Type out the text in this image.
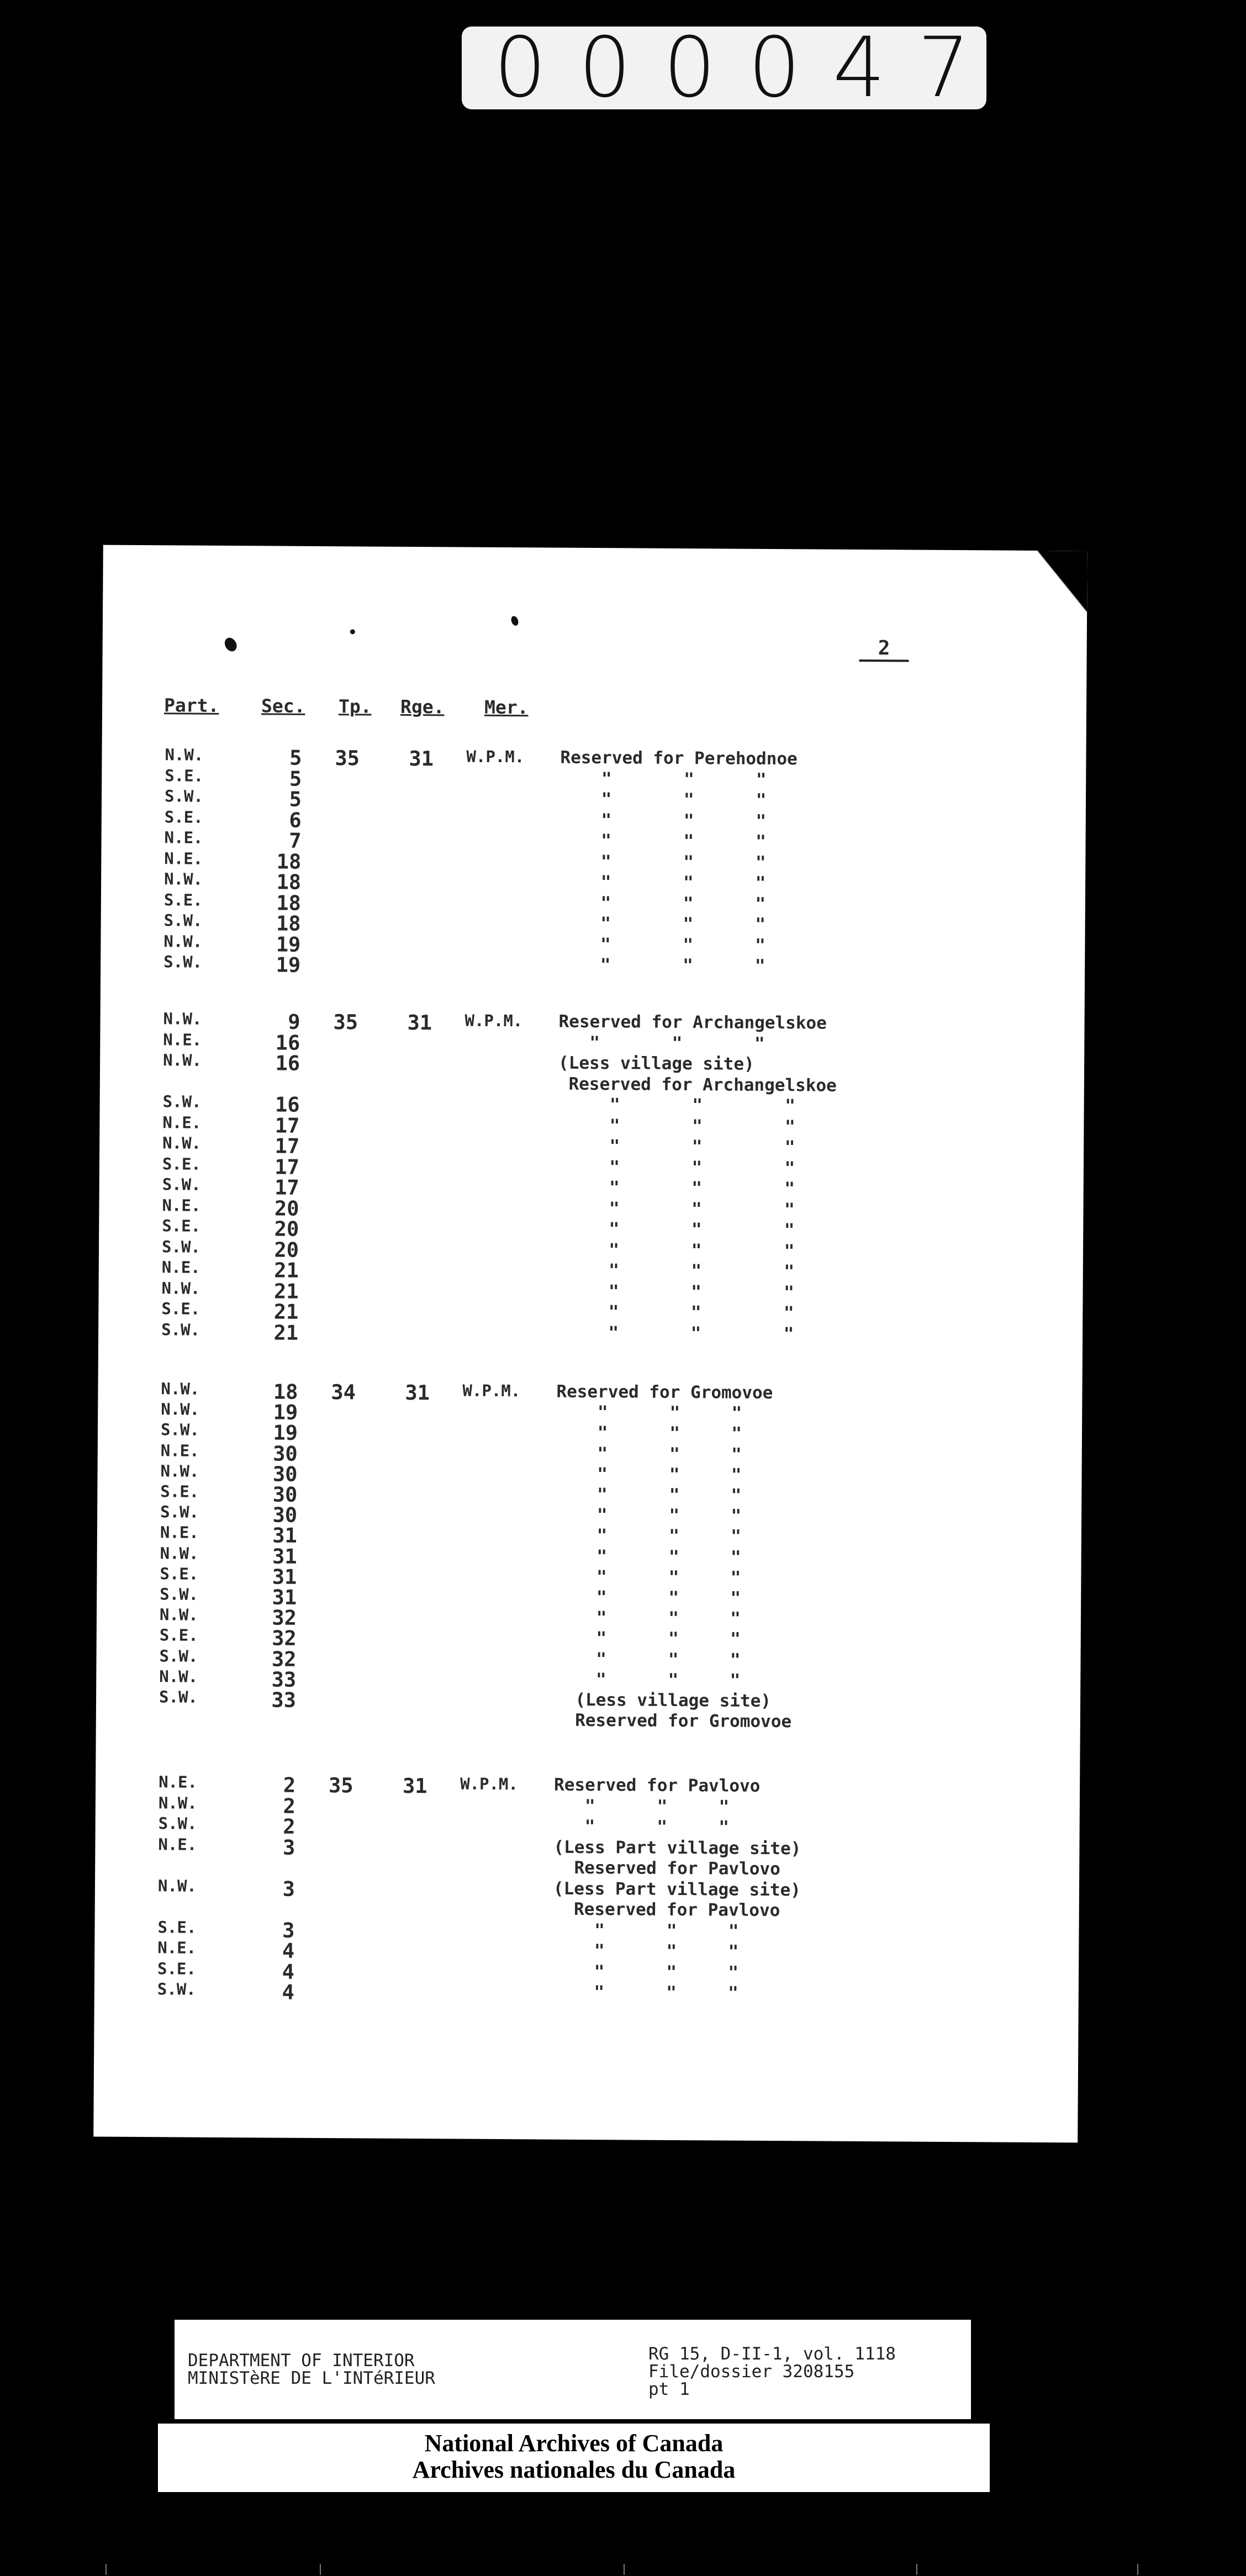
000047
2
Part. Sec. Tp. Rge. Mer.
N.W.	5 35 31 W.P.M. Reserved for Perehodnoe
S.E.	5	"       "      "
S.W.	5	"       "      "
S.E.	6	"       "      "
N.E.	7	"       "      "
N.E.	18	"       "      "
N.W.	18	"       "      "
S.E.	18	"       "      "
S.W.	18	"       "      "
N.W.	19	"       "      "
S.W.	19	"       "      "
N.W.	9 35 31 W.P.M. Reserved for Archangelskoe
N.E.	16	"       "       "
N.W.	16	(Less village site)
Reserved for Archangelskoe
S.W.	16	"       "        "
N.E.	17	"       "        "
N.W.	17	"       "        "
S.E.	17	"       "        "
S.W.	17	"       "        "
N.E.	20	"       "        "
S.E.	20	"       "        "
S.W.	20	"       "        "
N.E.	21	"       "        "
N.W.	21	"       "        "
S.E.	21	"       "        "
S.W.	21	"       "        "
N.W.	18 34 31 W.P.M. Reserved for Gromovoe
N.W.	19	"      "     "
S.W.	19	"      "     "
N.E.	30	"      "     "
N.W.	30	"      "     "
S.E.	30	"      "     "
S.W.	30	"      "     "
N.E.	31	"      "     "
N.W.	31	"      "     "
S.E.	31	"      "     "
S.W.	31	"      "     "
N.W.	32	"      "     "
S.E.	32	"      "     "
S.W.	32	"      "     "
N.W.	33	"      "     "
S.W.	33	(Less village site)
Reserved for Gromovoe
N.E.	2 35 31 W.P.M. Reserved for Pavlovo
N.W.	2	"      "     "
S.W.	2	"      "     "
N.E.	3	(Less Part village site)
Reserved for Pavlovo
N.W.	3	(Less Part village site)
Reserved for Pavlovo
S.E.	3	"      "     "
N.E.	4	"      "     "
S.E.	4	"      "     "
S.W.	4	"      "     "
DEPARTMENT OF INTERIOR
MINISTèRE DE L'INTéRIEUR
RG 15, D-II-1, vol. 1118
File/dossier 3208155
pt 1
National Archives of Canada
Archives nationales du Canada
